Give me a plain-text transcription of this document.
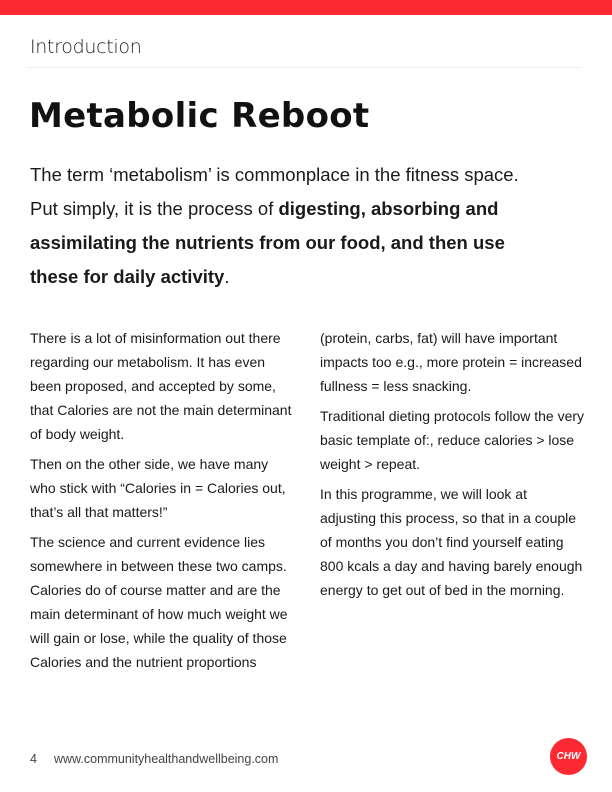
Introduction
Metabolic Reboot

The term ‘metabolism’ is commonplace in the fitness space. Put simply, it is the process of digesting, absorbing and assimilating the nutrients from our food, and then use these for daily activity.

There is a lot of misinformation out there regarding our metabolism. It has even been proposed, and accepted by some, that Calories are not the main determinant of body weight.

Then on the other side, we have many who stick with “Calories in = Calories out, that’s all that matters!”

The science and current evidence lies somewhere in between these two camps. Calories do of course matter and are the main determinant of how much weight we will gain or lose, while the quality of those Calories and the nutrient proportions

(protein, carbs, fat) will have important impacts too e.g., more protein = increased fullness = less snacking.

Traditional dieting protocols follow the very basic template of:, reduce calories > lose weight > repeat.

In this programme, we will look at adjusting this process, so that in a couple of months you don’t find yourself eating 800 kcals a day and having barely enough energy to get out of bed in the morning.

4 www.communityhealthandwellbeing.com	CHW
